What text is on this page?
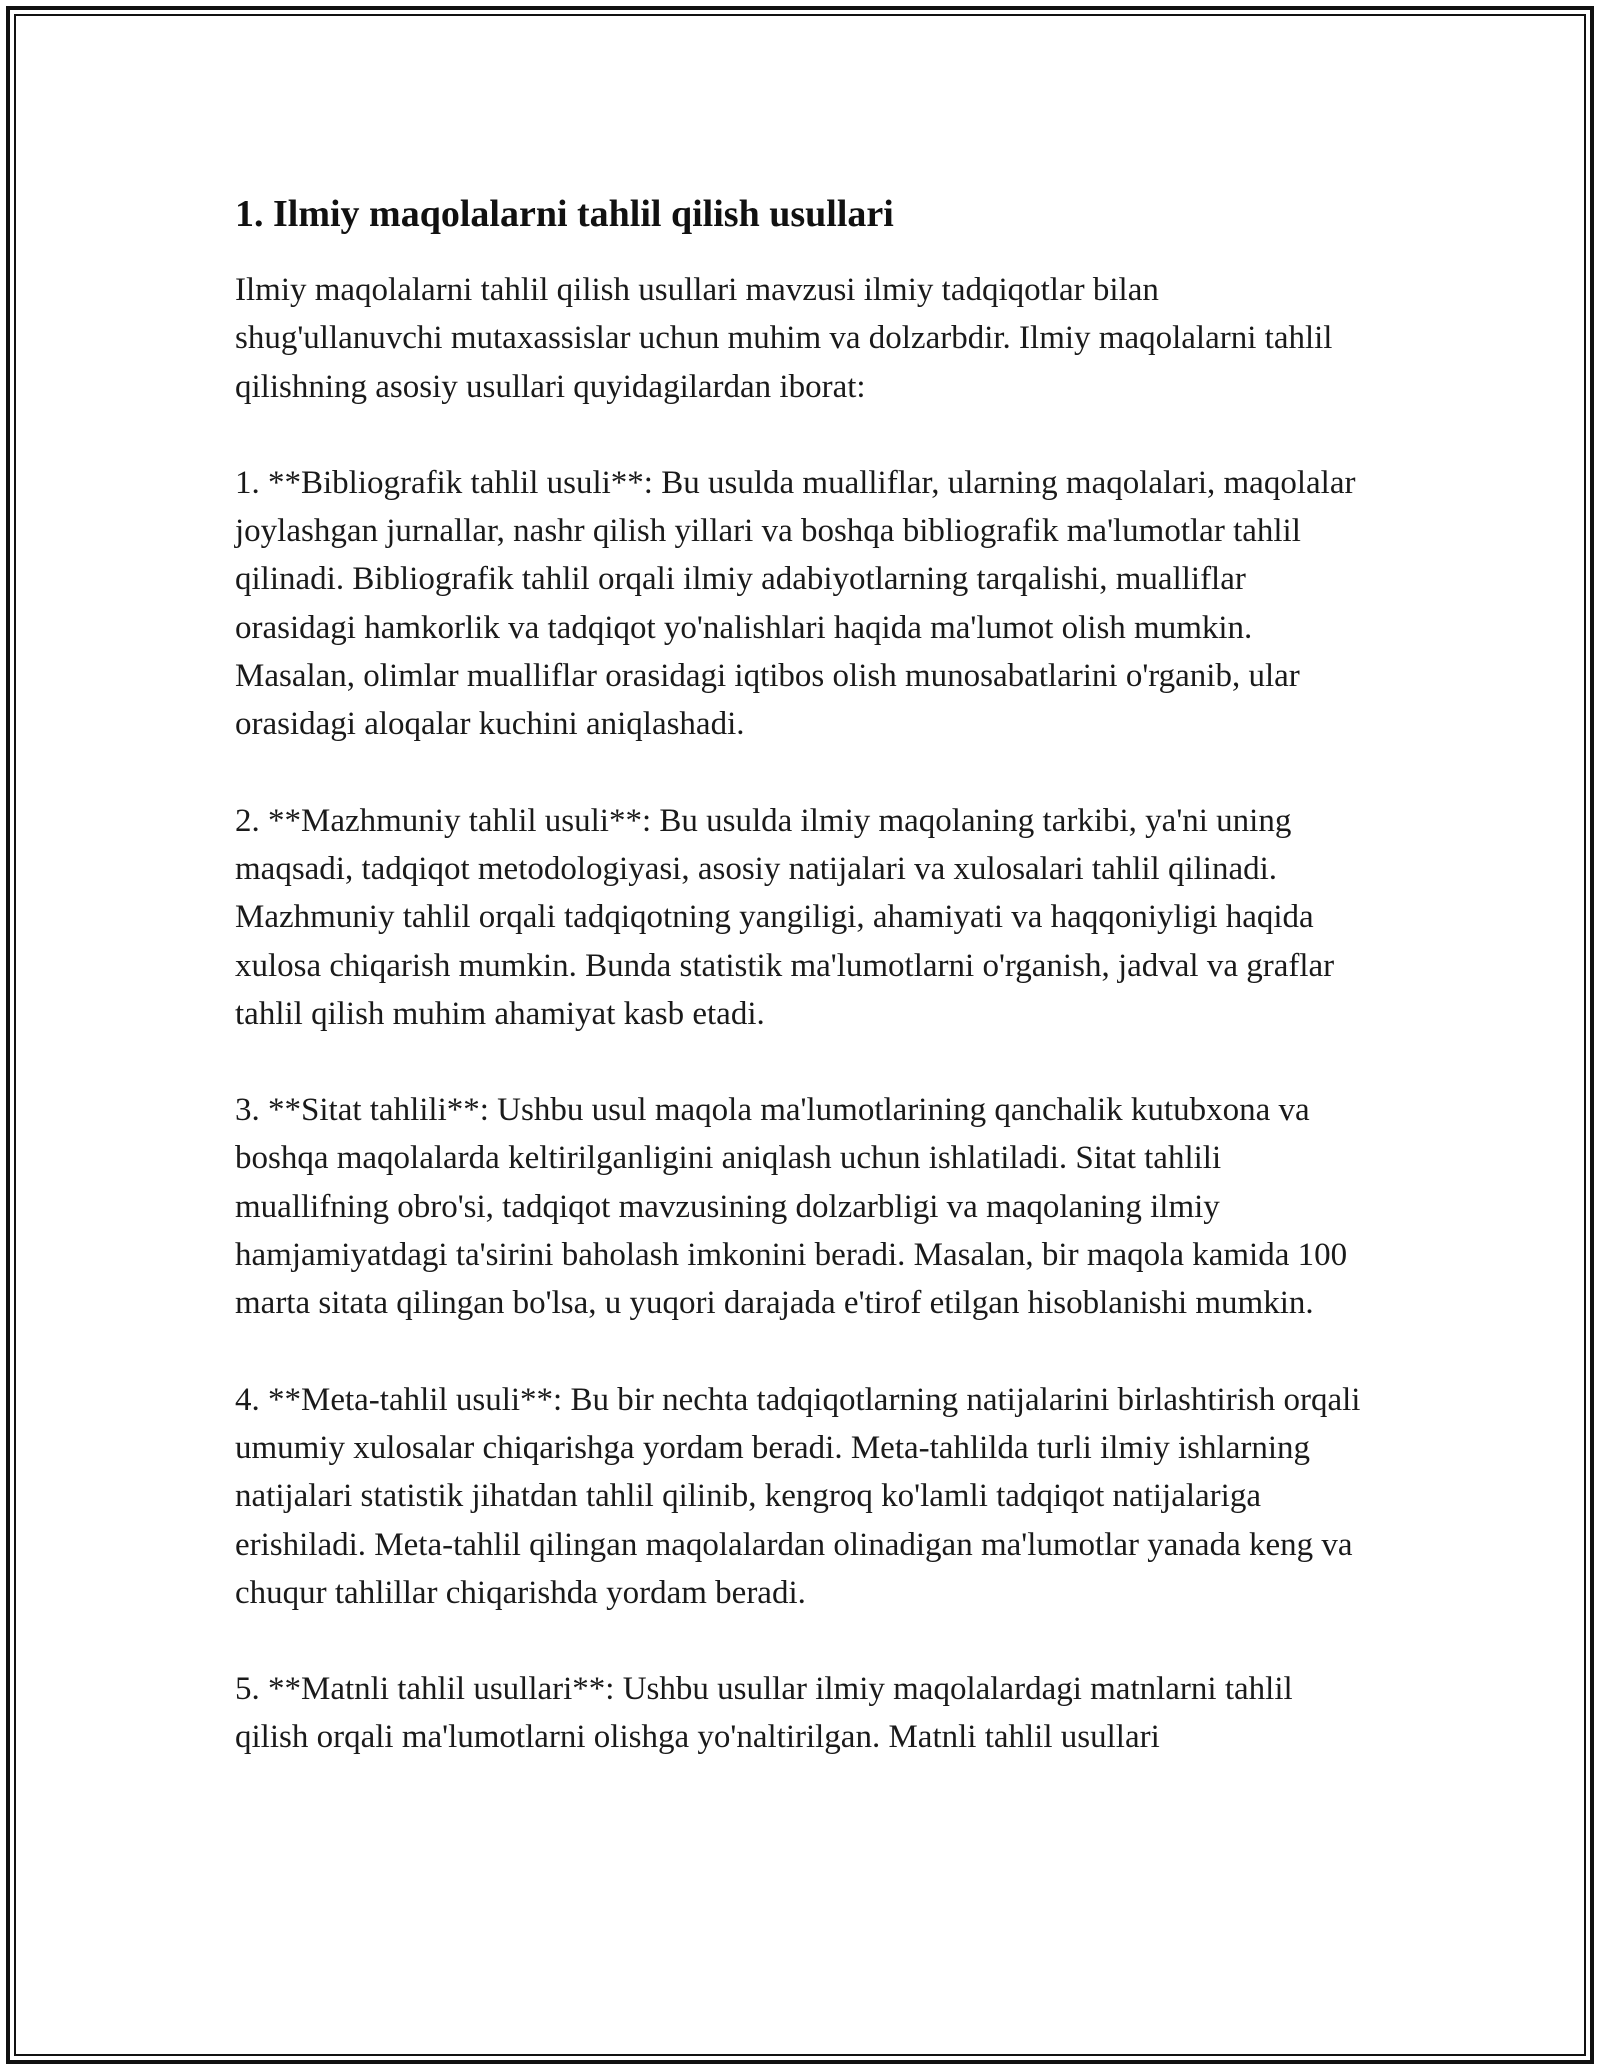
1. Ilmiy maqolalarni tahlil qilish usullari

Ilmiy maqolalarni tahlil qilish usullari mavzusi ilmiy tadqiqotlar bilan shug'ullanuvchi mutaxassislar uchun muhim va dolzarbdir. Ilmiy maqolalarni tahlil qilishning asosiy usullari quyidagilardan iborat:

1. **Bibliografik tahlil usuli**: Bu usulda mualliflar, ularning maqolalari, maqolalar joylashgan jurnallar, nashr qilish yillari va boshqa bibliografik ma'lumotlar tahlil qilinadi. Bibliografik tahlil orqali ilmiy adabiyotlarning tarqalishi, mualliflar orasidagi hamkorlik va tadqiqot yo'nalishlari haqida ma'lumot olish mumkin. Masalan, olimlar mualliflar orasidagi iqtibos olish munosabatlarini o'rganib, ular orasidagi aloqalar kuchini aniqlashadi.

2. **Mazhmuniy tahlil usuli**: Bu usulda ilmiy maqolaning tarkibi, ya'ni uning maqsadi, tadqiqot metodologiyasi, asosiy natijalari va xulosalari tahlil qilinadi. Mazhmuniy tahlil orqali tadqiqotning yangiligi, ahamiyati va haqqoniyligi haqida xulosa chiqarish mumkin. Bunda statistik ma'lumotlarni o'rganish, jadval va graflar tahlil qilish muhim ahamiyat kasb etadi.

3. **Sitat tahlili**: Ushbu usul maqola ma'lumotlarining qanchalik kutubxona va boshqa maqolalarda keltirilganligini aniqlash uchun ishlatiladi. Sitat tahlili muallifning obro'si, tadqiqot mavzusining dolzarbligi va maqolaning ilmiy hamjamiyatdagi ta'sirini baholash imkonini beradi. Masalan, bir maqola kamida 100 marta sitata qilingan bo'lsa, u yuqori darajada e'tirof etilgan hisoblanishi mumkin.

4. **Meta-tahlil usuli**: Bu bir nechta tadqiqotlarning natijalarini birlashtirish orqali umumiy xulosalar chiqarishga yordam beradi. Meta-tahlilda turli ilmiy ishlarning natijalari statistik jihatdan tahlil qilinib, kengroq ko'lamli tadqiqot natijalariga erishiladi. Meta-tahlil qilingan maqolalardan olinadigan ma'lumotlar yanada keng va chuqur tahlillar chiqarishda yordam beradi.

5. **Matnli tahlil usullari**: Ushbu usullar ilmiy maqolalardagi matnlarni tahlil qilish orqali ma'lumotlarni olishga yo'naltirilgan. Matnli tahlil usullari
